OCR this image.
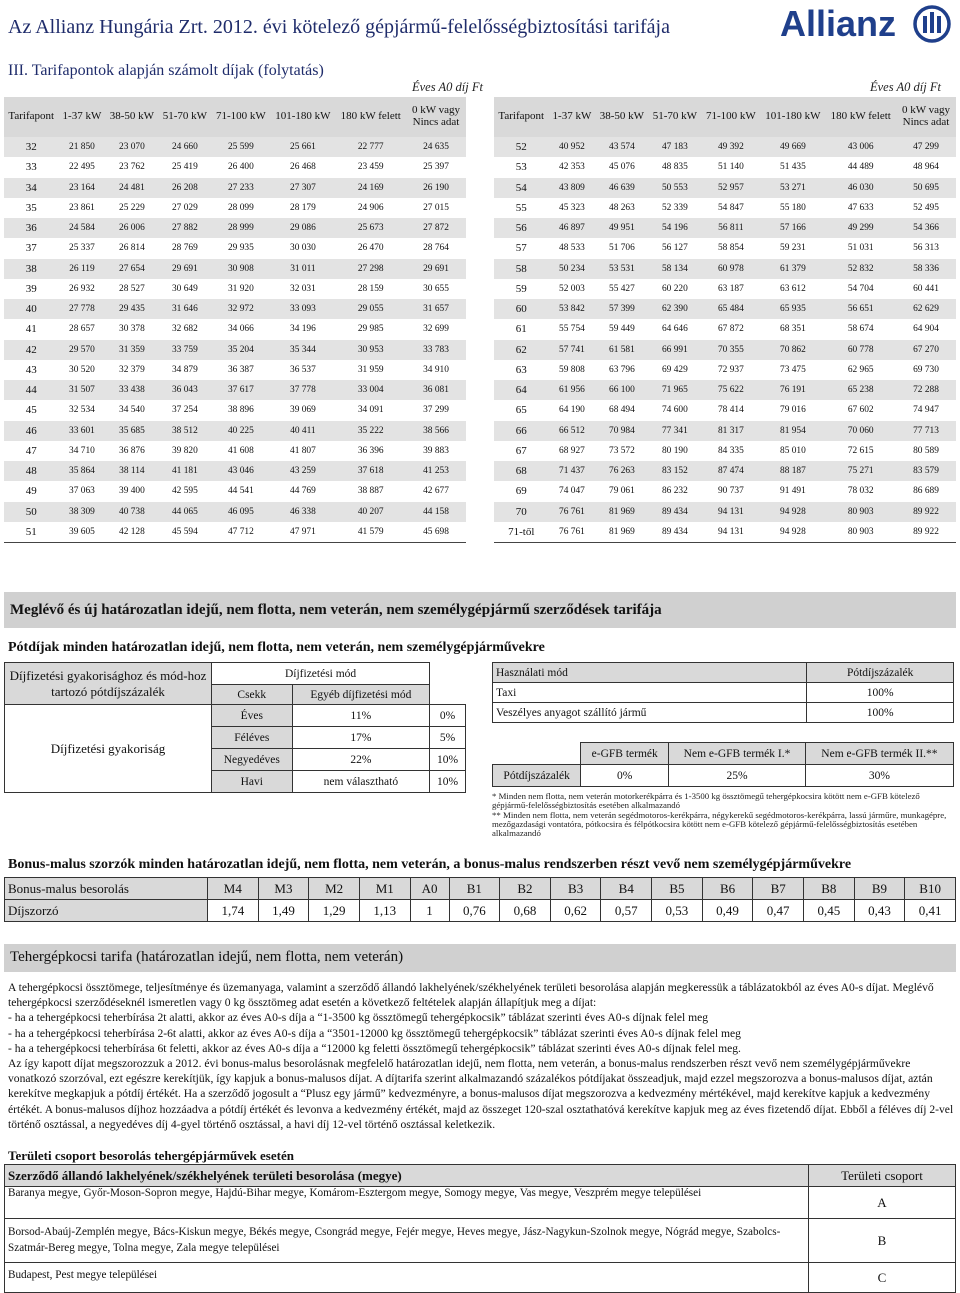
Az Allianz Hungária Zrt. 2012. évi kötelező gépjármű-felelősségbiztosítási tarifája	Allianz
III. Tarifapontok alapján számolt díjak (folytatás)
Éves A0 díj Ft	Éves A0 díj Ft
Tarifapont	1-37 kW	38-50 kW	51-70 kW	71-100 kW	101-180 kW	180 kW felett	0 kW vagy Nincs adat
32	21 850	23 070	24 660	25 599	25 661	22 777	24 635
33	22 495	23 762	25 419	26 400	26 468	23 459	25 397
34	23 164	24 481	26 208	27 233	27 307	24 169	26 190
35	23 861	25 229	27 029	28 099	28 179	24 906	27 015
36	24 584	26 006	27 882	28 999	29 086	25 673	27 872
37	25 337	26 814	28 769	29 935	30 030	26 470	28 764
38	26 119	27 654	29 691	30 908	31 011	27 298	29 691
39	26 932	28 527	30 649	31 920	32 031	28 159	30 655
40	27 778	29 435	31 646	32 972	33 093	29 055	31 657
41	28 657	30 378	32 682	34 066	34 196	29 985	32 699
42	29 570	31 359	33 759	35 204	35 344	30 953	33 783
43	30 520	32 379	34 879	36 387	36 537	31 959	34 910
44	31 507	33 438	36 043	37 617	37 778	33 004	36 081
45	32 534	34 540	37 254	38 896	39 069	34 091	37 299
46	33 601	35 685	38 512	40 225	40 411	35 222	38 566
47	34 710	36 876	39 820	41 608	41 807	36 396	39 883
48	35 864	38 114	41 181	43 046	43 259	37 618	41 253
49	37 063	39 400	42 595	44 541	44 769	38 887	42 677
50	38 309	40 738	44 065	46 095	46 338	40 207	44 158
51	39 605	42 128	45 594	47 712	47 971	41 579	45 698
Tarifapont	1-37 kW	38-50 kW	51-70 kW	71-100 kW	101-180 kW	180 kW felett	0 kW vagy Nincs adat
52	40 952	43 574	47 183	49 392	49 669	43 006	47 299
53	42 353	45 076	48 835	51 140	51 435	44 489	48 964
54	43 809	46 639	50 553	52 957	53 271	46 030	50 695
55	45 323	48 263	52 339	54 847	55 180	47 633	52 495
56	46 897	49 951	54 196	56 811	57 166	49 299	54 366
57	48 533	51 706	56 127	58 854	59 231	51 031	56 313
58	50 234	53 531	58 134	60 978	61 379	52 832	58 336
59	52 003	55 427	60 220	63 187	63 612	54 704	60 441
60	53 842	57 399	62 390	65 484	65 935	56 651	62 629
61	55 754	59 449	64 646	67 872	68 351	58 674	64 904
62	57 741	61 581	66 991	70 355	70 862	60 778	67 270
63	59 808	63 796	69 429	72 937	73 475	62 965	69 730
64	61 956	66 100	71 965	75 622	76 191	65 238	72 288
65	64 190	68 494	74 600	78 414	79 016	67 602	74 947
66	66 512	70 984	77 341	81 317	81 954	70 060	77 713
67	68 927	73 572	80 190	84 335	85 010	72 615	80 589
68	71 437	76 263	83 152	87 474	88 187	75 271	83 579
69	74 047	79 061	86 232	90 737	91 491	78 032	86 689
70	76 761	81 969	89 434	94 131	94 928	80 903	89 922
71-től	76 761	81 969	89 434	94 131	94 928	80 903	89 922
Meglévő és új határozatlan idejű, nem flotta, nem veterán, nem személygépjármű szerződések tarifája
Pótdíjak minden határozatlan idejű, nem flotta, nem veterán, nem személygépjárművekre
Díjfizetési gyakorisághoz és mód-hoz tartozó pótdíjszázalék	Díjfizetési mód		
	Csekk	Egyéb díjfizetési mód	
Díjfizetési gyakoriság	Éves	11%	0%
	Féléves	17%	5%
	Negyedéves	22%	10%
	Havi	nem választható	10%
Használati mód	Pótdíjszázalék
Taxi	100%
Veszélyes anyagot szállító jármű	100%
	e-GFB termék	Nem e-GFB termék I.*	Nem e-GFB termék II.**
Pótdíjszázalék	0%	25%	30%
* Minden nem flotta, nem veterán motorkerékpárra és 1-3500 kg össztömegű tehergépkocsira kötött nem e-GFB kötelező gépjármű-felelősségbiztosítás esetében alkalmazandó
** Minden nem flotta, nem veterán segédmotoros-kerékpárra, négykerekű segédmotoros-kerékpárra, lassú járműre, munkagépre, mezőgazdasági vontatóra, pótkocsira és félpótkocsira kötött nem e-GFB kötelező gépjármű-felelősségbiztosítás esetében alkalmazandó
Bonus-malus szorzók minden határozatlan idejű, nem flotta, nem veterán, a bonus-malus rendszerben részt vevő nem személygépjárművekre
Bonus-malus besorolás	M4	M3	M2	M1	A0	B1	B2	B3	B4	B5	B6	B7	B8	B9	B10
Díjszorzó	1,74	1,49	1,29	1,13	1	0,76	0,68	0,62	0,57	0,53	0,49	0,47	0,45	0,43	0,41
Tehergépkocsi tarifa (határozatlan idejű, nem flotta, nem veterán)

A tehergépkocsi össztömege, teljesítménye és üzemanyaga, valamint a szerződő állandó lakhelyének/székhelyének területi besorolása alapján megkeressük a táblázatokból az éves A0-s díjat. Meglévő tehergépkocsi szerződéseknél ismeretlen vagy 0 kg össztömeg adat esetén a következő feltételek alapján állapítjuk meg a díjat:

- ha a tehergépkocsi teherbírása 2t alatti, akkor az éves A0-s díja a “1-3500 kg össztömegű tehergépkocsik” táblázat szerinti éves A0-s díjnak felel meg

- ha a tehergépkocsi teherbírása 2-6t alatti, akkor az éves A0-s díja a “3501-12000 kg össztömegű tehergépkocsik” táblázat szerinti éves A0-s díjnak felel meg

- ha a tehergépkocsi teherbírása 6t feletti, akkor az éves A0-s díja a “12000 kg feletti össztömegű tehergépkocsik” táblázat szerinti éves A0-s díjnak felel meg.

Az így kapott díjat megszorozzuk a 2012. évi bonus-malus besorolásnak megfelelő határozatlan idejű, nem flotta, nem veterán, a bonus-malus rendszerben részt vevő nem személygépjárművekre vonatkozó szorzóval, ezt egészre kerekítjük, így kapjuk a bonus-malusos díjat. A díjtarifa szerint alkalmazandó százalékos pótdíjakat összeadjuk, majd ezzel megszorozva a bonus-malusos díjat, aztán kerekítve megkapjuk a pótdíj értékét. Ha a szerződő jogosult a “Plusz egy jármű” kedvezményre, a bonus-malusos díjat megszorozva a kedvezmény mértékével, majd kerekítve kapjuk a kedvezmény értékét. A bonus-malusos díjhoz hozzáadva a pótdíj értékét és levonva a kedvezmény értékét, majd az összeget 120-szal osztathatóvá kerekítve kapjuk meg az éves fizetendő díjat. Ebből a féléves díj 2-vel történő osztással, a negyedéves díj 4-gyel történő osztással, a havi díj 12-vel történő osztással keletkezik.

Területi csoport besorolás tehergépjárművek esetén
Szerződő állandó lakhelyének/székhelyének területi besorolása (megye)	Területi csoport
Baranya megye, Győr-Moson-Sopron megye, Hajdú-Bihar megye, Komárom-Esztergom megye, Somogy megye, Vas megye, Veszprém megye települései	A
Borsod-Abaúj-Zemplén megye, Bács-Kiskun megye, Békés megye, Csongrád megye, Fejér megye, Heves megye, Jász-Nagykun-Szolnok megye, Nógrád megye, Szabolcs-Szatmár-Bereg megye, Tolna megye, Zala megye települései	B
Budapest, Pest megye települései	C
